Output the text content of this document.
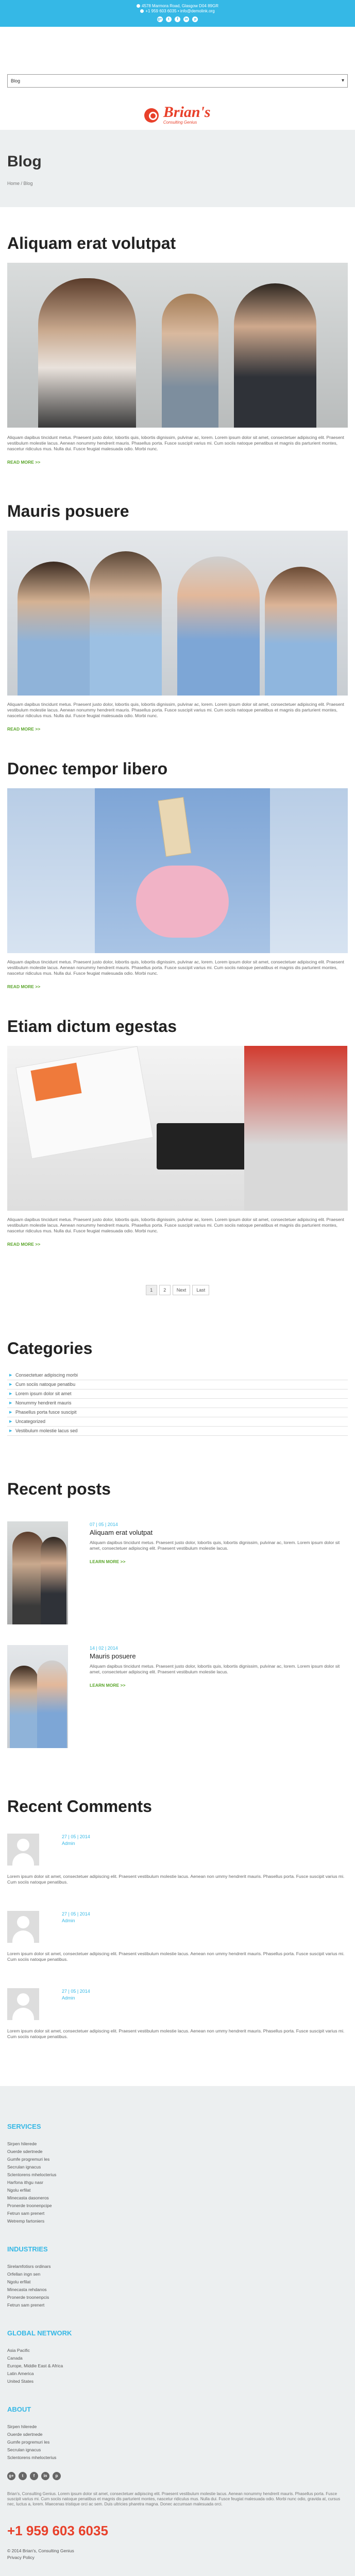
4578 Marmora Road, Glasgow D04 89GR
+1 959 603 6035 • info@demolink.org
g+ t f in p
Blog ▾

Brian's
Consulting Genius
Blog
Home / Blog
Aliquam erat volutpat

Aliquam dapibus tincidunt metus. Praesent justo dolor, lobortis quis, lobortis dignissim, pulvinar ac, lorem. Lorem ipsum dolor sit amet, consectetuer adipiscing elit. Praesent vestibulum molestie lacus. Aenean nonummy hendrerit mauris. Phasellus porta. Fusce suscipit varius mi. Cum sociis natoque penatibus et magnis dis parturient montes, nascetur ridiculus mus. Nulla dui. Fusce feugiat malesuada odio. Morbi nunc.

READ MORE >>
Mauris posuere

Aliquam dapibus tincidunt metus. Praesent justo dolor, lobortis quis, lobortis dignissim, pulvinar ac, lorem. Lorem ipsum dolor sit amet, consectetuer adipiscing elit. Praesent vestibulum molestie lacus. Aenean nonummy hendrerit mauris. Phasellus porta. Fusce suscipit varius mi. Cum sociis natoque penatibus et magnis dis parturient montes, nascetur ridiculus mus. Nulla dui. Fusce feugiat malesuada odio. Morbi nunc.

READ MORE >>
Donec tempor libero

Aliquam dapibus tincidunt metus. Praesent justo dolor, lobortis quis, lobortis dignissim, pulvinar ac, lorem. Lorem ipsum dolor sit amet, consectetuer adipiscing elit. Praesent vestibulum molestie lacus. Aenean nonummy hendrerit mauris. Phasellus porta. Fusce suscipit varius mi. Cum sociis natoque penatibus et magnis dis parturient montes, nascetur ridiculus mus. Nulla dui. Fusce feugiat malesuada odio. Morbi nunc.

READ MORE >>
Etiam dictum egestas

Aliquam dapibus tincidunt metus. Praesent justo dolor, lobortis quis, lobortis dignissim, pulvinar ac, lorem. Lorem ipsum dolor sit amet, consectetuer adipiscing elit. Praesent vestibulum molestie lacus. Aenean nonummy hendrerit mauris. Phasellus porta. Fusce suscipit varius mi. Cum sociis natoque penatibus et magnis dis parturient montes, nascetur ridiculus mus. Nulla dui. Fusce feugiat malesuada odio. Morbi nunc.

READ MORE >>
1 2 Next Last
Categories
▶ Consectetuer adipiscing morbi
▶ Cum sociis natoque penatibu
▶ Lorem ipsum dolor sit amet
▶ Nonummy hendrerit mauris
▶ Phasellus porta fusce suscipit
▶ Uncategorized
▶ Vestibulum molestie lacus sed
Recent posts
07 | 05 | 2014
Aliquam erat volutpat

Aliquam dapibus tincidunt metus. Praesent justo dolor, lobortis quis, lobortis dignissim, pulvinar ac, lorem. Lorem ipsum dolor sit amet, consectetuer adipiscing elit. Praesent vestibulum molestie lacus.

LEARN MORE >>
14 | 02 | 2014
Mauris posuere

Aliquam dapibus tincidunt metus. Praesent justo dolor, lobortis quis, lobortis dignissim, pulvinar ac, lorem. Lorem ipsum dolor sit amet, consectetuer adipiscing elit. Praesent vestibulum molestie lacus.

LEARN MORE >>
Recent Comments
27 | 05 | 2014
Admin

Lorem ipsum dolor sit amet, consectetuer adipiscing elit. Praesent vestibulum molestie lacus. Aenean non ummy hendrerit mauris. Phasellus porta. Fusce suscipit varius mi. Cum sociis natoque penatibus.

27 | 05 | 2014
Admin

Lorem ipsum dolor sit amet, consectetuer adipiscing elit. Praesent vestibulum molestie lacus. Aenean non ummy hendrerit mauris. Phasellus porta. Fusce suscipit varius mi. Cum sociis natoque penatibus.

27 | 05 | 2014
Admin

Lorem ipsum dolor sit amet, consectetuer adipiscing elit. Praesent vestibulum molestie lacus. Aenean non ummy hendrerit mauris. Phasellus porta. Fusce suscipit varius mi. Cum sociis natoque penatibus.

SERVICES
Sirpen hilerede
Ouerde sdertnede
Gumfe progremuri les
Secrulan ignacus
Sclentorens mhelocterius
Harfona ithgu nasr
Ngolu erfilat
Minecasta dasoneros
Pronerde troonenpcipe
Fetrun sam prenert
Wetremp fartoniers
INDUSTRIES
Sirelamfotisrs ordinars
Orfellan ingn sen
Ngolu erfilat
Minecasta rehdanos
Pronerde troonenpcis
Fetrun sam prenert
GLOBAL NETWORK
Asia Pacific
Canada
Europe, Middle East & Africa
Latin America
United States
ABOUT
Sirpen hilerede
Ouerde sdertnede
Gumfe progremuri les
Secrulan ignacus
Sclentorens mhelocterius
g+ t f in p

Brian's, Consulting Genius. Lorem ipsum dolor sit amet, consectetuer adipiscing elit. Praesent vestibulum molestie lacus. Aenean nonummy hendrerit mauris. Phasellus porta. Fusce suscipit varius mi. Cum sociis natoque penatibus et magnis dis parturient montes, nascetur ridiculus mus. Nulla dui. Fusce feugiat malesuada odio. Morbi nunc odio, gravida at, cursus nec, luctus a, lorem. Maecenas tristique orci ac sem. Duis ultricies pharetra magna. Donec accumsan malesuada orci.

+1 959 603 6035
© 2014 Brian's, Consulting Genius
Privacy Policy
